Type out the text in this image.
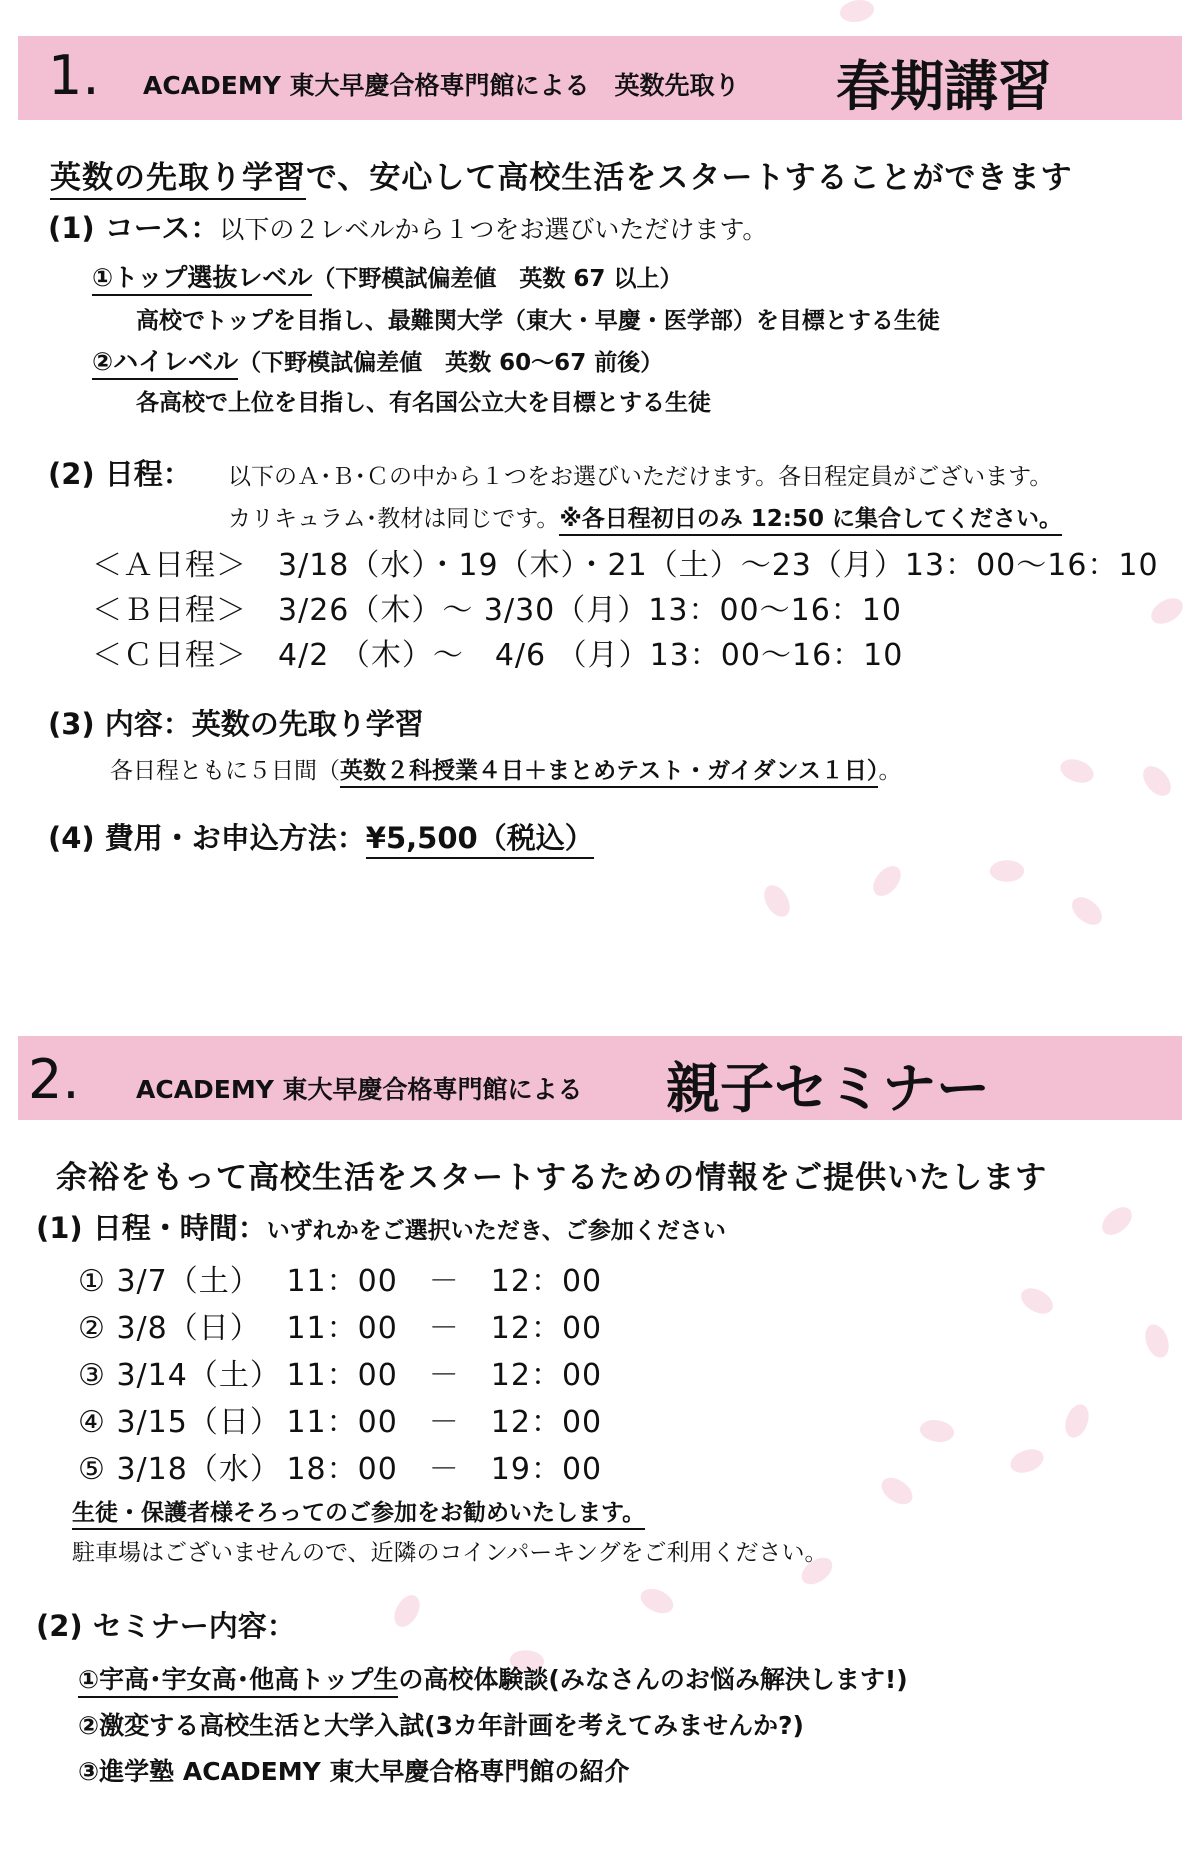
1. ACADEMY 東大早慶合格専門館による　英数先取り 春期講習
英数の先取り学習で、安心して高校生活をスタートすることができます
(1) コース：以下の２レベルから１つをお選びいただけます。
①トップ選抜レベル（下野模試偏差値　英数 67 以上）
高校でトップを目指し、最難関大学（東大・早慶・医学部）を目標とする生徒
②ハイレベル（下野模試偏差値　英数 60～67 前後）
各高校で上位を目指し、有名国公立大を目標とする生徒
(2) 日程： 以下のＡ･Ｂ･Ｃの中から１つをお選びいただけます。各日程定員がございます。
カリキュラム･教材は同じです。※各日程初日のみ 12:50 に集合してください。
＜Ａ日程＞　 3/18（水）・19（木）・21（土）～23（月）13：00～16：10
＜Ｂ日程＞　 3/26（木）～ 3/30（月）13：00～16：10
＜Ｃ日程＞　 4/2 （木）～　4/6 （月）13：00～16：10
(3) 内容：英数の先取り学習
各日程ともに５日間（英数２科授業４日＋まとめテスト・ガイダンス１日）。
(4) 費用・お申込方法：¥5,500（税込）
2. ACADEMY 東大早慶合格専門館による 親子セミナー
余裕をもって高校生活をスタートするための情報をご提供いたします
(1) 日程・時間：いずれかをご選択いただき、ご参加ください
① 3/7（土） 11：00　－　12：00
② 3/8（日） 11：00　－　12：00
③ 3/14（土） 11：00　－　12：00
④ 3/15（日） 11：00　－　12：00
⑤ 3/18（水） 18：00　－　19：00
生徒・保護者様そろってのご参加をお勧めいたします。
駐車場はございませんので、近隣のコインパーキングをご利用ください。
(2) セミナー内容：
①宇高･宇女高･他高トップ生の高校体験談(みなさんのお悩み解決します!)
②激変する高校生活と大学入試(3カ年計画を考えてみませんか?)
③進学塾 ACADEMY 東大早慶合格専門館の紹介
